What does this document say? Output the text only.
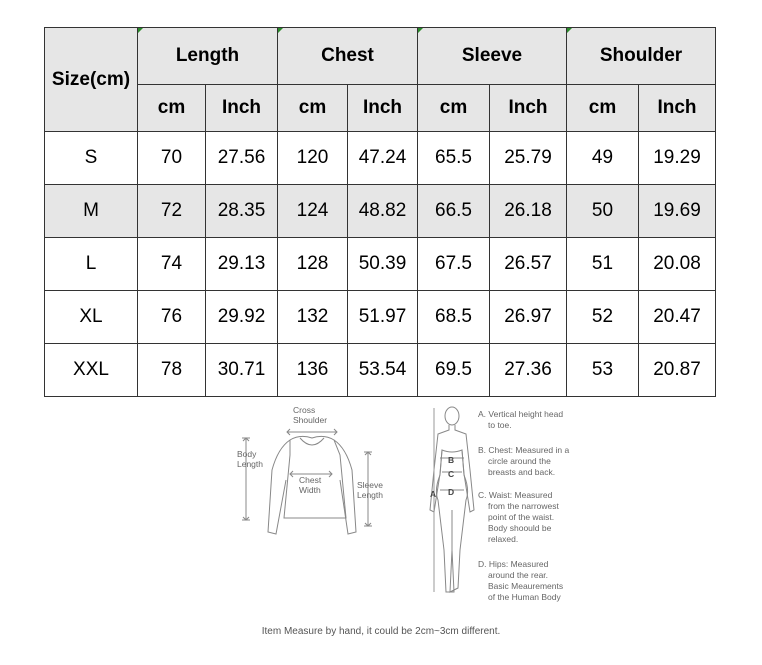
Size(cm)	Length		Chest		Sleeve		Shoulder	
	cm	Inch	cm	Inch	cm	Inch	cm	Inch
S	70	27.56	120	47.24	65.5	25.79	49	19.29
M	72	28.35	124	48.82	66.5	26.18	50	19.69
L	74	29.13	128	50.39	67.5	26.57	51	20.08
XL	76	29.92	132	51.97	68.5	26.97	52	20.47
XXL	78	30.71	136	53.54	69.5	27.36	53	20.87
Cross
Shoulder
Body
Length
Chest
Width	Sleeve
Length	A
B
C
D
A. Vertical height head
to toe.
B. Chest: Measured in a
circle around the
breasts and back.
C. Waist: Measured
from the narrowest
point of the waist.
Body shoould be
relaxed.
D. Hips: Measured
around the rear.
Basic Meaurements
of the Human Body
Item Measure by hand, it could be 2cm~3cm different.
